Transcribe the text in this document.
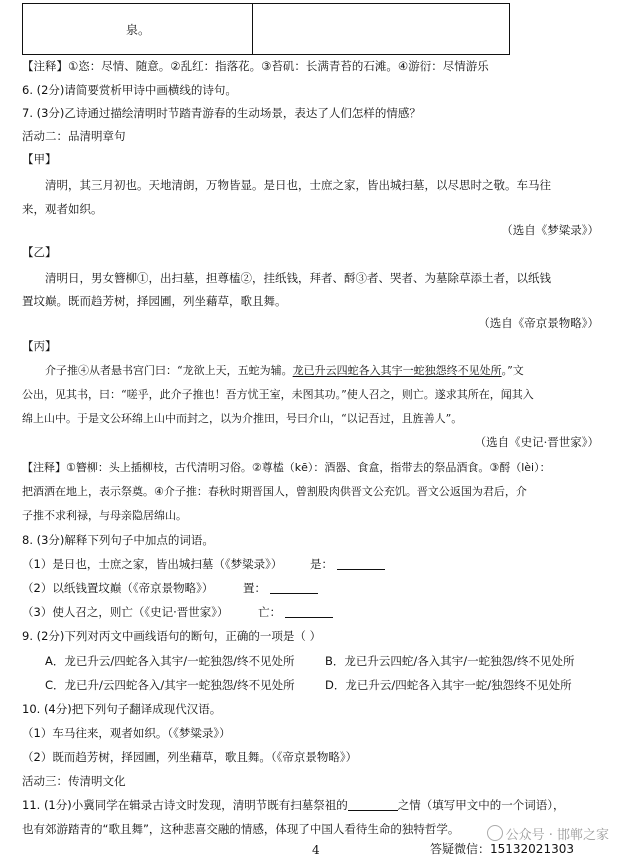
泉。
【注释】①恣：尽情、随意。②乱红：指落花。③苔矶：长满青苔的石滩。④游衍：尽情游乐
6. (2分)请简要赏析甲诗中画横线的诗句。
7. (3分)乙诗通过描绘清明时节踏青游春的生动场景，表达了人们怎样的情感？
活动二：品清明章句
【甲】
清明，其三月初也。天地清朗，万物皆显。是日也，士庶之家，皆出城扫墓，以尽思时之敬。车马往
来，观者如织。
（选自《梦粱录》）
【乙】
清明日，男女簪柳①，出扫墓，担尊榼②，挂纸钱，拜者、酹③者、哭者、为墓除草添土者，以纸钱
置坟巅。既而趋芳树，择园圃，列坐藉草，歌且舞。
（选自《帝京景物略》）
【丙】
介子推④从者悬书宫门曰：“龙欲上天，五蛇为辅。龙已升云四蛇各入其宇一蛇独怨终不见处所。”文
公出，见其书，曰：“嗟乎，此介子推也！吾方忧王室，未图其功。”使人召之，则亡。遂求其所在，闻其入
绵上山中。于是文公环绵上山中而封之，以为介推田，号曰介山，“以记吾过，且旌善人”。
（选自《史记·晋世家》）
【注释】①簪柳：头上插柳枝，古代清明习俗。②尊榼（kē）：酒器、食盒，指带去的祭品酒食。③酹（lèi）：
把酒洒在地上，表示祭奠。④介子推：春秋时期晋国人，曾割股肉供晋文公充饥。晋文公返国为君后，介
子推不求利禄，与母亲隐居绵山。
8. (3分)解释下列句子中加点的词语。
（1）是日也，士庶之家，皆出城扫墓（《梦粱录》） 是：
（2）以纸钱置坟巅（《帝京景物略》）	置：
（3）使人召之，则亡（《史记·晋世家》）	亡：
9. (2分)下列对丙文中画线语句的断句，正确的一项是（ ）
A．龙已升云/四蛇各入其宇/一蛇独怨/终不见处所	B．龙已升云四蛇/各入其宇/一蛇独怨/终不见处所
C．龙已升/云四蛇各入/其宇一蛇独怨/终不见处所	D．龙已升云/四蛇各入其宇一蛇/独怨终不见处所
10. (4分)把下列句子翻译成现代汉语。
（1）车马往来，观者如织。（《梦粱录》）
（2）既而趋芳树，择园圃，列坐藉草，歌且舞。（《帝京景物略》）
活动三：传清明文化
11. (1分)小冀同学在辑录古诗文时发现，清明节既有扫墓祭祖的	之情（填写甲文中的一个词语），
也有郊游踏青的“歌且舞”，这种悲喜交融的情感，体现了中国人看待生命的独特哲学。	公众号 · 邯郸之家
4	答疑微信：15132021303
